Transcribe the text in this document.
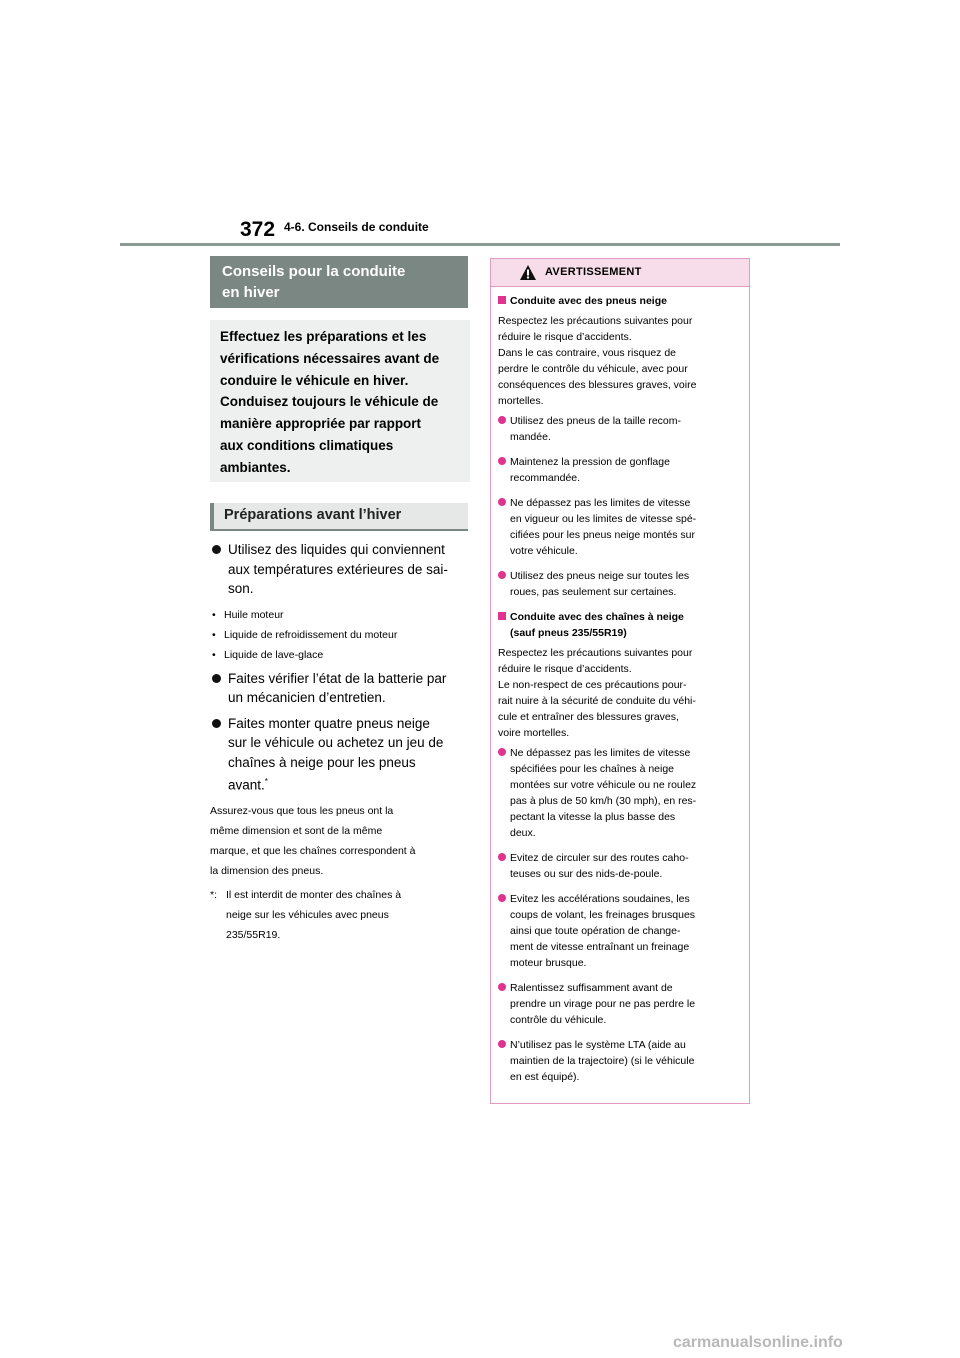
372 4-6. Conseils de conduite
Conseils pour la conduite
en hiver

Effectuez les préparations et les

vérifications nécessaires avant de

conduire le véhicule en hiver.

Conduisez toujours le véhicule de

manière appropriée par rapport

aux conditions climatiques

ambiantes.

Préparations avant l’hiver
Utilisez des liquides qui conviennent
aux températures extérieures de sai-
son.
• Huile moteur
• Liquide de refroidissement du moteur
• Liquide de lave-glace
Faites vérifier l’état de la batterie par
un mécanicien d’entretien.
Faites monter quatre pneus neige
sur le véhicule ou achetez un jeu de
chaînes à neige pour les pneus
avant.*

Assurez-vous que tous les pneus ont la

même dimension et sont de la même

marque, et que les chaînes correspondent à

la dimension des pneus.

*: Il est interdit de monter des chaînes à
neige sur les véhicules avec pneus
235/55R19.
AVERTISSEMENT
Conduite avec des pneus neige
Respectez les précautions suivantes pour
réduire le risque d’accidents.
Dans le cas contraire, vous risquez de
perdre le contrôle du véhicule, avec pour
conséquences des blessures graves, voire
mortelles.
Utilisez des pneus de la taille recom-
mandée.
Maintenez la pression de gonflage
recommandée.
Ne dépassez pas les limites de vitesse
en vigueur ou les limites de vitesse spé-
cifiées pour les pneus neige montés sur
votre véhicule.
Utilisez des pneus neige sur toutes les
roues, pas seulement sur certaines.
Conduite avec des chaînes à neige
(sauf pneus 235/55R19)
Respectez les précautions suivantes pour
réduire le risque d’accidents.
Le non-respect de ces précautions pour-
rait nuire à la sécurité de conduite du véhi-
cule et entraîner des blessures graves,
voire mortelles.
Ne dépassez pas les limites de vitesse
spécifiées pour les chaînes à neige
montées sur votre véhicule ou ne roulez
pas à plus de 50 km/h (30 mph), en res-
pectant la vitesse la plus basse des
deux.
Evitez de circuler sur des routes caho-
teuses ou sur des nids-de-poule.
Evitez les accélérations soudaines, les
coups de volant, les freinages brusques
ainsi que toute opération de change-
ment de vitesse entraînant un freinage
moteur brusque.
Ralentissez suffisamment avant de
prendre un virage pour ne pas perdre le
contrôle du véhicule.
N’utilisez pas le système LTA (aide au
maintien de la trajectoire) (si le véhicule
en est équipé).
carmanualsonline.info
